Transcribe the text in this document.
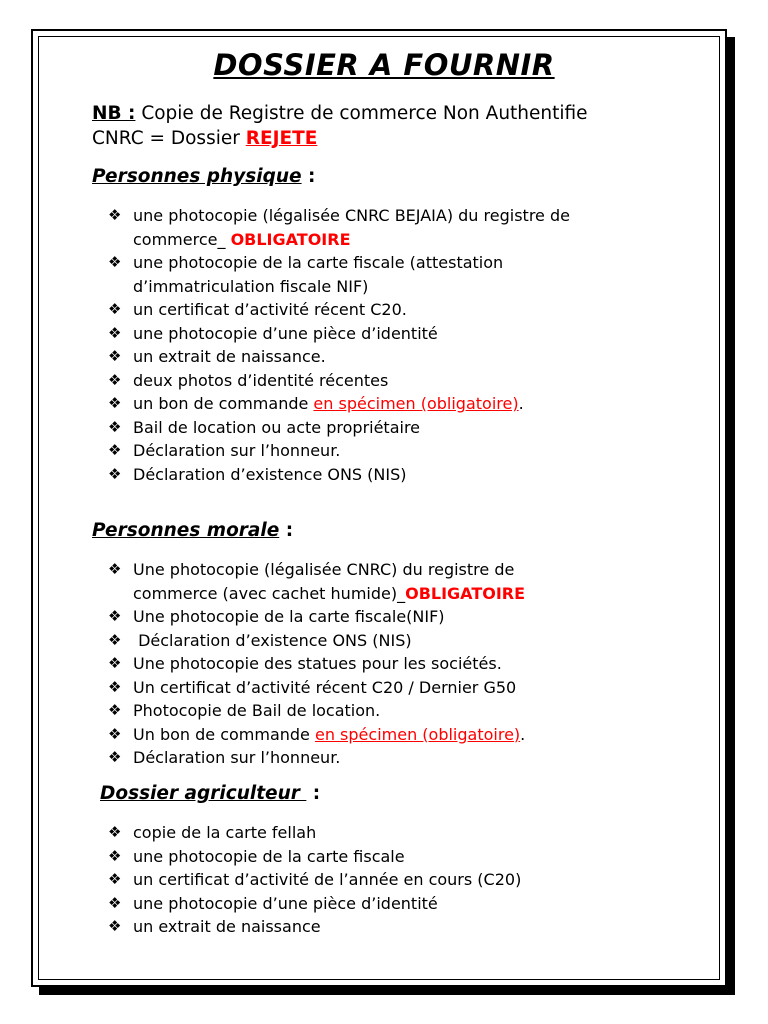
DOSSIER A FOURNIR
NB : Copie de Registre de commerce Non Authentifie
CNRC = Dossier REJETE
Personnes physique :
❖ une photocopie (légalisée CNRC BEJAIA) du registre de
commerce_ OBLIGATOIRE
❖ une photocopie de la carte fiscale (attestation
d’immatriculation fiscale NIF)
❖ un certificat d’activité récent C20.
❖ une photocopie d’une pièce d’identité
❖ un extrait de naissance.
❖ deux photos d’identité récentes
❖ un bon de commande en spécimen (obligatoire).
❖ Bail de location ou acte propriétaire
❖ Déclaration sur l’honneur.
❖ Déclaration d’existence ONS (NIS)
Personnes morale :
❖ Une photocopie (légalisée CNRC) du registre de
commerce (avec cachet humide)_OBLIGATOIRE
❖ Une photocopie de la carte fiscale(NIF)
❖ Déclaration d’existence ONS (NIS)
❖ Une photocopie des statues pour les sociétés.
❖ Un certificat d’activité récent C20 / Dernier G50
❖ Photocopie de Bail de location.
❖ Un bon de commande en spécimen (obligatoire).
❖ Déclaration sur l’honneur.
Dossier agriculteur  :
❖ copie de la carte fellah
❖ une photocopie de la carte fiscale
❖ un certificat d’activité de l’année en cours (C20)
❖ une photocopie d’une pièce d’identité
❖ un extrait de naissance
